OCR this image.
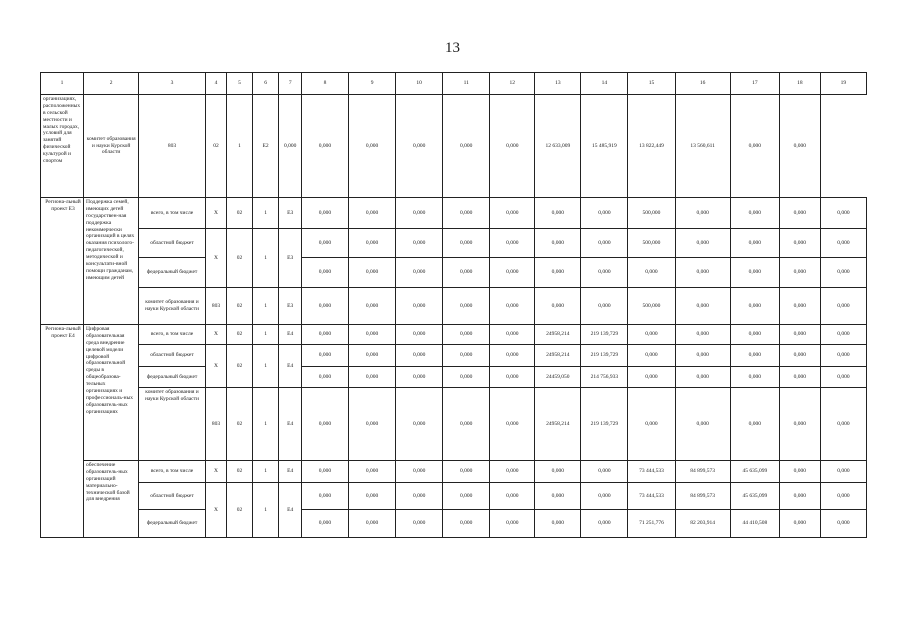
13
1	2	3	4	5	6	7	8	9	10	11	12	13	14	15	16	17	18	19
организациях, расположенных в сельской местности и малых городах, условий для занятий физической культурой и спортом	комитет образования и науки Курской области	803	02	1	Е2	0,000	0,000	0,000	0,000	0,000	0,000	12 633,009	15 485,919	13 822,449	13 560,611	0,000	0,000	
Регионa-льный проект Е3	Поддержка семей, имеющих детей государствен-ная поддержка некоммерчески организаций в целях оказания психолого-педагогической, методической и консультати-вной помощи гражданам, имеющим детей	всего, в том числе	Х	02	1	Е3	0,000	0,000	0,000	0,000	0,000	0,000	0,000	500,000	0,000	0,000	0,000	0,000
		областной бюджет	Х	02	1	Е3	0,000	0,000	0,000	0,000	0,000	0,000	0,000	500,000	0,000	0,000	0,000	0,000
		федеральный бюджет					0,000	0,000	0,000	0,000	0,000	0,000	0,000	0,000	0,000	0,000	0,000	0,000
		комитет образования и науки Курской области	803	02	1	Е3	0,000	0,000	0,000	0,000	0,000	0,000	0,000	500,000	0,000	0,000	0,000	0,000
Регионa-льный проект Е4	Цифровая образовательная среда внедрение целевой модели цифровой образовательной среды в общеобразова-тельных организациях и профессиональ-ных образователь-ных организациях	всего, в том числе	Х	02	1	Е4	0,000	0,000	0,000	0,000	0,000	24958,214	219 139,729	0,000	0,000	0,000	0,000	0,000
		областной бюджет	Х	02	1	Е4	0,000	0,000	0,000	0,000	0,000	24958,214	219 139,729	0,000	0,000	0,000	0,000	0,000
		федеральный бюджет					0,000	0,000	0,000	0,000	0,000	24459,050	214 756,933	0,000	0,000	0,000	0,000	0,000
		комитет образования и науки Курской области	803	02	1	Е4	0,000	0,000	0,000	0,000	0,000	24958,214	219 139,729	0,000	0,000	0,000	0,000	0,000
	обеспечение образователь-ных организаций материально-технической базой для внедрения	всего, в том числе	Х	02	1	Е4	0,000	0,000	0,000	0,000	0,000	0,000	0,000	73 444,533	84 899,573	45 635,099	0,000	0,000
		областной бюджет	Х	02	1	Е4	0,000	0,000	0,000	0,000	0,000	0,000	0,000	73 444,533	84 899,573	45 635,099	0,000	0,000
		федеральный бюджет					0,000	0,000	0,000	0,000	0,000	0,000	0,000	71 251,776	82 203,914	44 410,508	0,000	0,000
